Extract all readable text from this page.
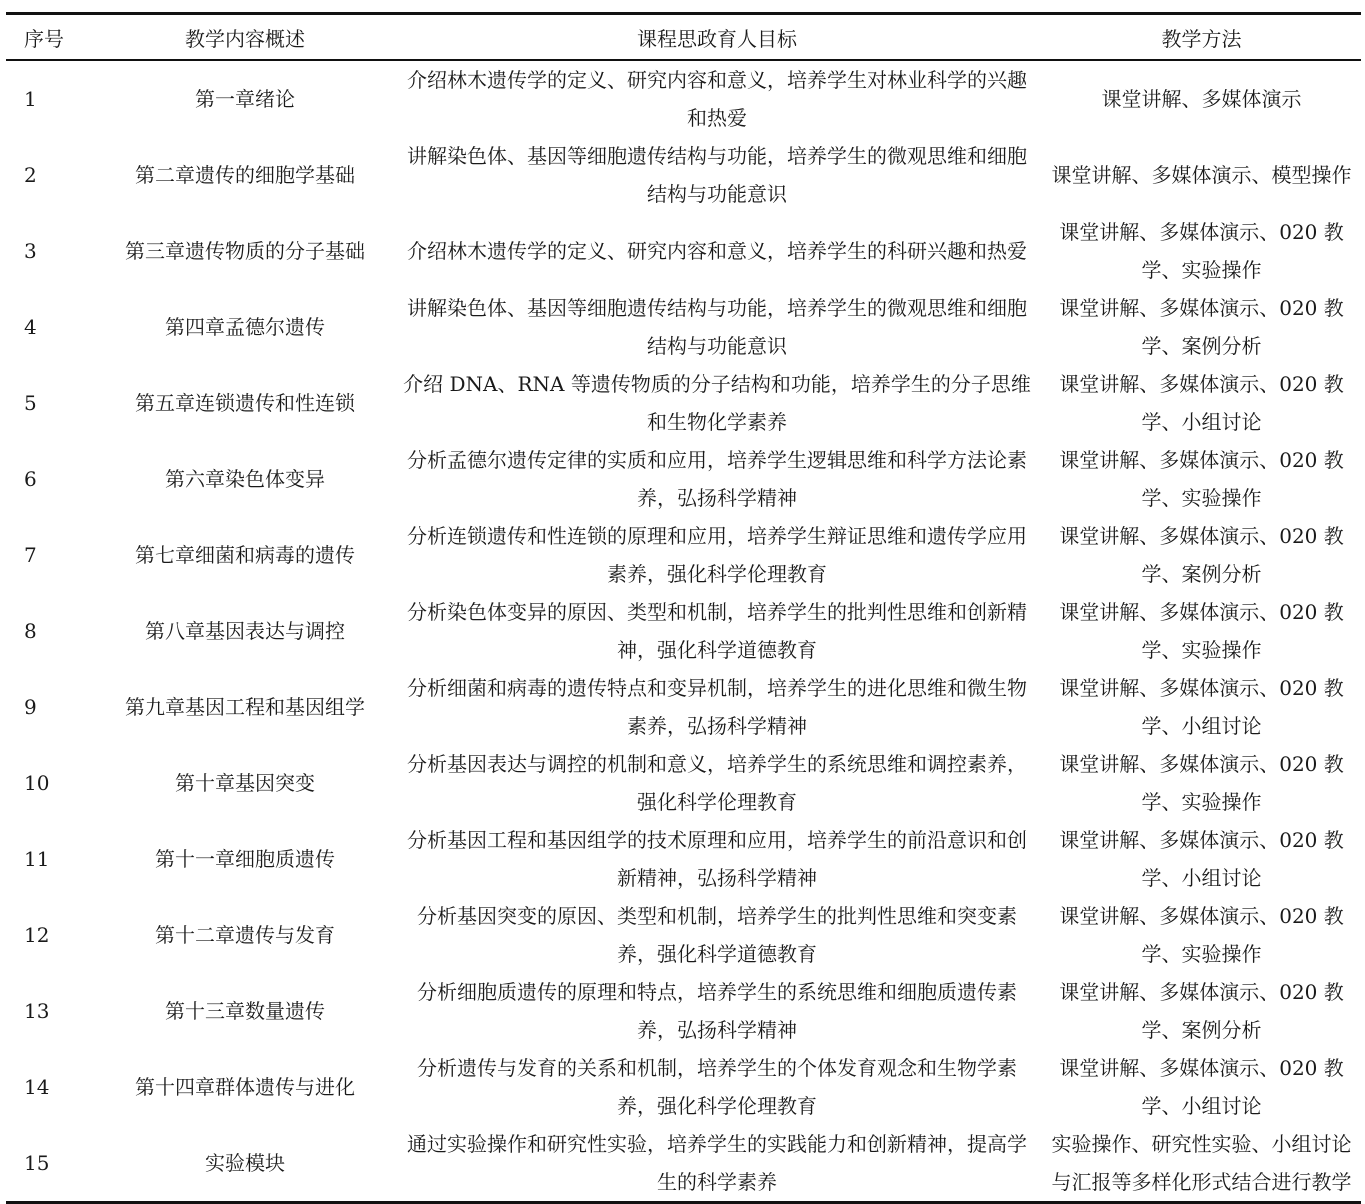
序号	教学内容概述	课程思政育人目标	教学方法
1	第一章绪论	介绍林木遗传学的定义、研究内容和意义，培养学生对林业科学的兴趣和热爱	课堂讲解、多媒体演示
2	第二章遗传的细胞学基础	讲解染色体、基因等细胞遗传结构与功能，培养学生的微观思维和细胞结构与功能意识	课堂讲解、多媒体演示、模型操作
3	第三章遗传物质的分子基础	介绍林木遗传学的定义、研究内容和意义，培养学生的科研兴趣和热爱	课堂讲解、多媒体演示、020 教学、实验操作
4	第四章孟德尔遗传	讲解染色体、基因等细胞遗传结构与功能，培养学生的微观思维和细胞结构与功能意识	课堂讲解、多媒体演示、020 教学、案例分析
5	第五章连锁遗传和性连锁	介绍 DNA、RNA 等遗传物质的分子结构和功能，培养学生的分子思维和生物化学素养	课堂讲解、多媒体演示、020 教学、小组讨论
6	第六章染色体变异	分析孟德尔遗传定律的实质和应用，培养学生逻辑思维和科学方法论素养，弘扬科学精神	课堂讲解、多媒体演示、020 教学、实验操作
7	第七章细菌和病毒的遗传	分析连锁遗传和性连锁的原理和应用，培养学生辩证思维和遗传学应用素养，强化科学伦理教育	课堂讲解、多媒体演示、020 教学、案例分析
8	第八章基因表达与调控	分析染色体变异的原因、类型和机制，培养学生的批判性思维和创新精神，强化科学道德教育	课堂讲解、多媒体演示、020 教学、实验操作
9	第九章基因工程和基因组学	分析细菌和病毒的遗传特点和变异机制，培养学生的进化思维和微生物素养，弘扬科学精神	课堂讲解、多媒体演示、020 教学、小组讨论
10	第十章基因突变	分析基因表达与调控的机制和意义，培养学生的系统思维和调控素养，强化科学伦理教育	课堂讲解、多媒体演示、020 教学、实验操作
11	第十一章细胞质遗传	分析基因工程和基因组学的技术原理和应用，培养学生的前沿意识和创新精神，弘扬科学精神	课堂讲解、多媒体演示、020 教学、小组讨论
12	第十二章遗传与发育	分析基因突变的原因、类型和机制，培养学生的批判性思维和突变素养，强化科学道德教育	课堂讲解、多媒体演示、020 教学、实验操作
13	第十三章数量遗传	分析细胞质遗传的原理和特点，培养学生的系统思维和细胞质遗传素养，弘扬科学精神	课堂讲解、多媒体演示、020 教学、案例分析
14	第十四章群体遗传与进化	分析遗传与发育的关系和机制，培养学生的个体发育观念和生物学素养，强化科学伦理教育	课堂讲解、多媒体演示、020 教学、小组讨论
15	实验模块	通过实验操作和研究性实验，培养学生的实践能力和创新精神，提高学生的科学素养	实验操作、研究性实验、小组讨论与汇报等多样化形式结合进行教学
